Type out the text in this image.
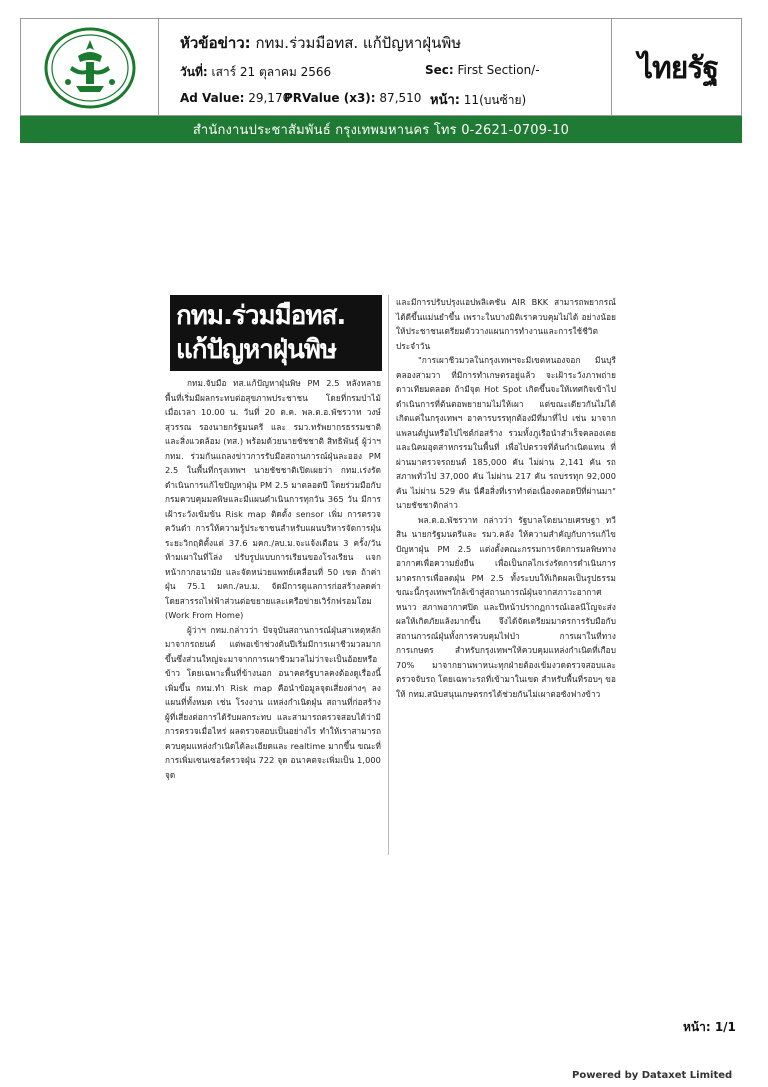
หัวข้อข่าว: กทม.ร่วมมือทส. แก้ปัญหาฝุ่นพิษ
วันที่: เสาร์ 21 ตุลาคม 2566	Sec: First Section/-
Ad Value: 29,170
PRValue (x3): 87,510 หน้า: 11(บนซ้าย)
ไทยรัฐ
สำนักงานประชาสัมพันธ์ กรุงเทพมหานคร โทร 0-2621-0709-10
กทม.ร่วมมือทส.
แก้ปัญหาฝุ่นพิษ

กทม.จับมือ ทส.แก้ปัญหาฝุ่นพิษ PM 2.5 หลังหลายพื้นที่เริ่มมีผลกระทบต่อสุขภาพประชาชน โดยที่กรมป่าไม้ เมื่อเวลา 10.00 น. วันที่ 20 ต.ค. พล.ต.อ.พัชรวาท วงษ์สุวรรณ รองนายกรัฐมนตรี และ รมว.ทรัพยากรธรรมชาติและสิ่งแวดล้อม (ทส.) พร้อมด้วยนายชัชชาติ สิทธิพันธุ์ ผู้ว่าฯ กทม. ร่วมกันแถลงข่าวการรับมือสถานการณ์ฝุ่นละออง PM 2.5 ในพื้นที่กรุงเทพฯ นายชัชชาติเปิดเผยว่า กทม.เร่งรัดดำเนินการแก้ไขปัญหาฝุ่น PM 2.5 มาตลอดปี โดยร่วมมือกับกรมควบคุมมลพิษและมีแผนดำเนินการทุกวัน 365 วัน มีการเฝ้าระวังเข้มข้น Risk map ติดตั้ง sensor เพิ่ม การตรวจควันดำ การให้ความรู้ประชาชนสำหรับแผนบริหารจัดการฝุ่นระยะวิกฤติตั้งแต่ 37.6 มคก./ลบ.ม.จะแจ้งเตือน 3 ครั้ง/วัน ห้ามเผาในที่โล่ง ปรับรูปแบบการเรียนของโรงเรียน แจกหน้ากากอนามัย และจัดหน่วยแพทย์เคลื่อนที่ 50 เขต ถ้าค่าฝุ่น 75.1 มคก./ลบ.ม. จัดมีการดูแลการก่อสร้างลดค่าโดยสารรถไฟฟ้าส่วนต่อขยายและเครือข่ายเวิร์กฟรอมโฮม (Work From Home)

ผู้ว่าฯ กทม.กล่าวว่า ปัจจุบันสถานการณ์ฝุ่นสาเหตุหลักมาจากรถยนต์ แต่พอเข้าช่วงต้นปีเริ่มมีการเผาชีวมวลมากขึ้นซึ่งส่วนใหญ่จะมาจากการเผาชีวมวลไม่ว่าจะเป็นอ้อยหรือข้าว โดยเฉพาะพื้นที่ข้างนอก อนาคตรัฐบาลคงต้องดูเรื่องนี้เพิ่มขึ้น กทม.ทำ Risk map คือนำข้อมูลจุดเสี่ยงต่างๆ ลงแผนที่ทั้งหมด เช่น โรงงาน แหล่งกำเนิดฝุ่น สถานที่ก่อสร้าง ผู้ที่เสี่ยงต่อการได้รับผลกระทบ และสามารถตรวจสอบได้ว่ามีการตรวจเมื่อไหร่ ผลตรวจสอบเป็นอย่างไร ทำให้เราสามารถควบคุมแหล่งกำเนิดได้ละเอียดและ realtime มากขึ้น ขณะที่การเพิ่มเซนเซอร์ตรวจฝุ่น 722 จุด อนาคตจะเพิ่มเป็น 1,000 จุด

และมีการปรับปรุงแอปพลิเคชัน AIR BKK สามารถพยากรณ์ได้ดีขึ้นแม่นยำขึ้น เพราะในบางมิติเราควบคุมไม่ได้ อย่างน้อยให้ประชาชนเตรียมตัววางแผนการทำงานและการใช้ชีวิตประจำวัน

"การเผาชีวมวลในกรุงเทพฯจะมีเขตหนองจอก มีนบุรี คลองสามวา ที่มีการทำเกษตรอยู่แล้ว จะเฝ้าระวังภาพถ่ายดาวเทียมตลอด ถ้ามีจุด Hot Spot เกิดขึ้นจะให้เทศกิจเข้าไปดำเนินการที่ต้นตอพยายามไม่ให้เผา แต่ขณะเดียวกันไม่ได้เกิดแค่ในกรุงเทพฯ อาคารบรรทุกต้องมีที่มาที่ไป เช่น มาจากแพลนต์ปูนหรือไปไซต์ก่อสร้าง รวมทั้งภูเรือนำสำเร็จคลองเตยและนิคมอุตสาหกรรมในพื้นที่ เพื่อไปตรวจที่ต้นกำเนิดแทน ที่ผ่านมาตรวจรถยนต์ 185,000 คัน ไม่ผ่าน 2,141 คัน รถสภาพทั่วไป 37,000 คัน ไม่ผ่าน 217 คัน รถบรรทุก 92,000 คัน ไม่ผ่าน 529 คัน นี่คือสิ่งที่เราทำต่อเนื่องตลอดปีที่ผ่านมา" นายชัชชาติกล่าว

พล.ต.อ.พัชรวาท กล่าวว่า รัฐบาลโดยนายเศรษฐา ทวีสิน นายกรัฐมนตรีและ รมว.คลัง ให้ความสำคัญกับการแก้ไขปัญหาฝุ่น PM 2.5 แต่งตั้งคณะกรรมการจัดการมลพิษทางอากาศเพื่อความยั่งยืน เพื่อเป็นกลไกเร่งรัดการดำเนินการมาตรการเพื่อลดฝุ่น PM 2.5 ทั้งระบบให้เกิดผลเป็นรูปธรรม ขณะนี้กรุงเทพฯใกล้เข้าสู่สถานการณ์ฝุ่นจากสภาวะอากาศหนาว สภาพอากาศปิด และปีหน้าปรากฏการณ์เอลนีโญจะส่งผลให้เกิดภัยแล้งมากขึ้น จึงได้จัดเตรียมมาตรการรับมือกับสถานการณ์ฝุ่นทั้งการควบคุมไฟป่า การเผาในที่ทางการเกษตร สำหรับกรุงเทพฯให้ควบคุมแหล่งกำเนิดที่เกือบ 70% มาจากยานพาหนะทุกฝ่ายต้องเข้มงวดตรวจสอบและตรวจจับรถ โดยเฉพาะรถที่เข้ามาในเขต สำหรับพื้นที่รอบๆ ขอให้ กทม.สนับสนุนเกษตรกรได้ช่วยกันไม่เผาตอซังฟางข้าว

หน้า: 1/1
Powered by Dataxet Limited
